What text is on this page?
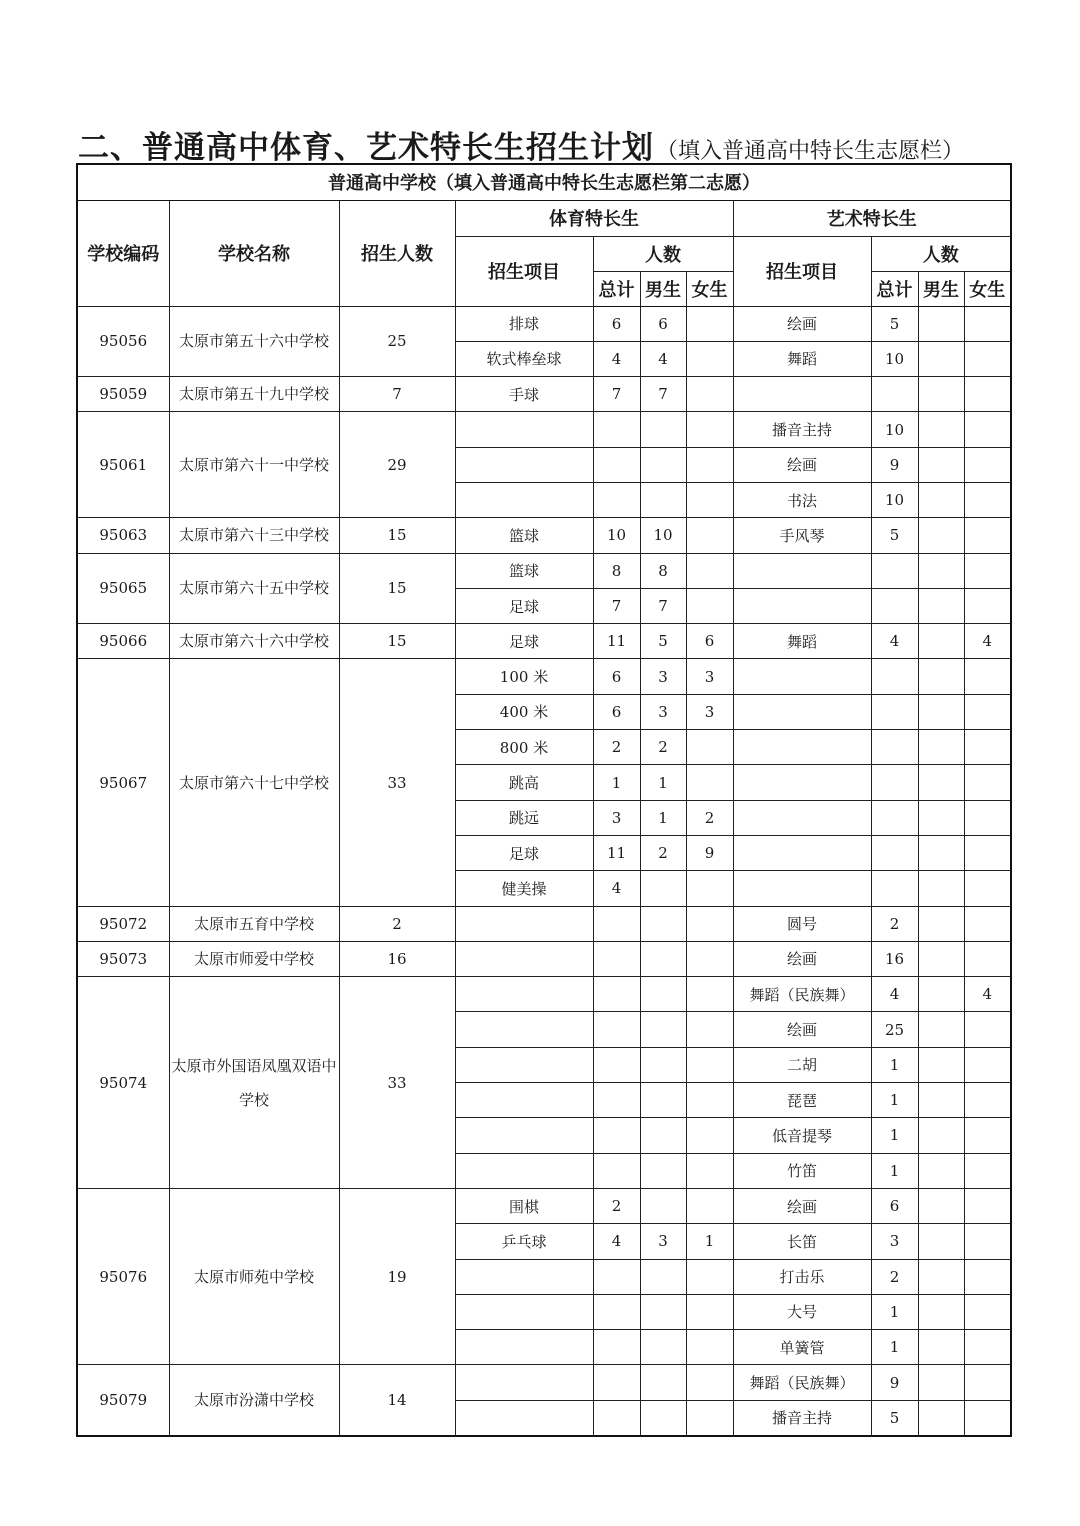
二、普通高中体育、艺术特长生招生计划（填入普通高中特长生志愿栏）
普通高中学校（填入普通高中特长生志愿栏第二志愿）										
学校编码	学校名称	招生人数	体育特长生				艺术特长生			
			招生项目	人数			招生项目	人数		
				总计	男生	女生		总计	男生	女生
95056	太原市第五十六中学校	25	排球	6	6		绘画	5		
			软式棒垒球	4	4		舞蹈	10		
95059	太原市第五十九中学校	7	手球	7	7					
95061	太原市第六十一中学校	29					播音主持	10		
							绘画	9		
							书法	10		
95063	太原市第六十三中学校	15	篮球	10	10		手风琴	5		
95065	太原市第六十五中学校	15	篮球	8	8					
			足球	7	7					
95066	太原市第六十六中学校	15	足球	11	5	6	舞蹈	4		4
95067	太原市第六十七中学校	33	100 米	6	3	3				
			400 米	6	3	3				
			800 米	2	2					
			跳高	1	1					
			跳远	3	1	2				
			足球	11	2	9				
			健美操	4						
95072	太原市五育中学校	2					圆号	2		
95073	太原市师爱中学校	16					绘画	16		
95074	太原市外国语凤凰双语中学校	33					舞蹈（民族舞）	4		4
							绘画	25		
							二胡	1		
							琵琶	1		
							低音提琴	1		
							竹笛	1		
95076	太原市师苑中学校	19	围棋	2			绘画	6		
			乒乓球	4	3	1	长笛	3		
							打击乐	2		
							大号	1		
							单簧管	1		
95079	太原市汾潇中学校	14					舞蹈（民族舞）	9		
							播音主持	5		
